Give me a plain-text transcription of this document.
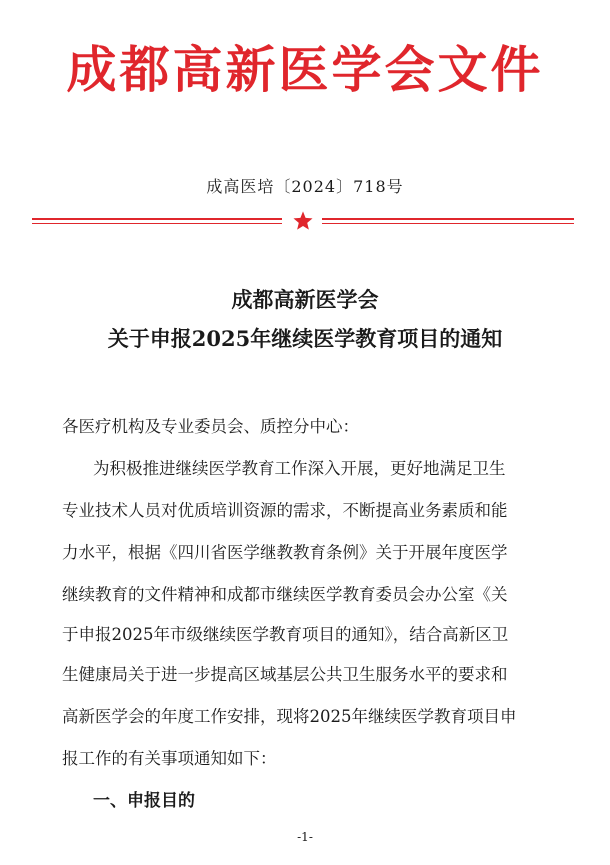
成都高新医学会文件
成高医培〔2024〕718号
成都高新医学会
关于申报2025年继续医学教育项目的通知
各医疗机构及专业委员会、质控分中心：
为积极推进继续医学教育工作深入开展，更好地满足卫生
专业技术人员对优质培训资源的需求，不断提高业务素质和能
力水平，根据《四川省医学继教教育条例》关于开展年度医学
继续教育的文件精神和成都市继续医学教育委员会办公室《关
于申报2025年市级继续医学教育项目的通知》，结合高新区卫
生健康局关于进一步提高区域基层公共卫生服务水平的要求和
高新医学会的年度工作安排，现将2025年继续医学教育项目申
报工作的有关事项通知如下：
一、申报目的
-1-
